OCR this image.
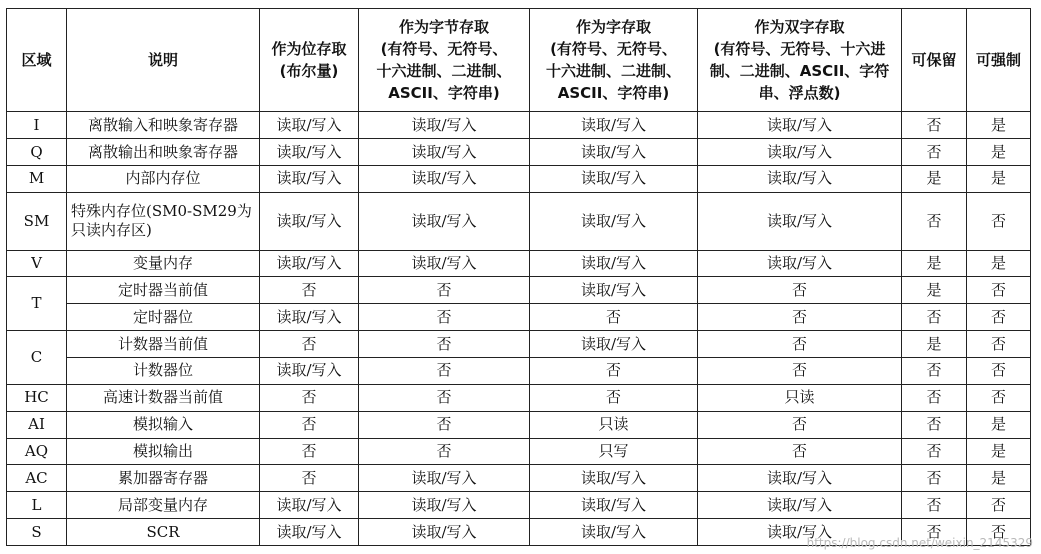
区域	说明	作为位存取
(布尔量)	作为字节存取
(有符号、无符号、
十六进制、二进制、
ASCII、字符串)	作为字存取
(有符号、无符号、
十六进制、二进制、
ASCII、字符串)	作为双字存取
(有符号、无符号、十六进
制、二进制、ASCII、字符
串、浮点数)	可保留	可强制
I	离散输入和映象寄存器	读取/写入	读取/写入	读取/写入	读取/写入	否	是
Q	离散输出和映象寄存器	读取/写入	读取/写入	读取/写入	读取/写入	否	是
M	内部内存位	读取/写入	读取/写入	读取/写入	读取/写入	是	是
SM	特殊内存位(SM0-SM29为只读内存区)	读取/写入	读取/写入	读取/写入	读取/写入	否	否
V	变量内存	读取/写入	读取/写入	读取/写入	读取/写入	是	是
T	定时器当前值	否	否	读取/写入	否	是	否
	定时器位	读取/写入	否	否	否	否	否
C	计数器当前值	否	否	读取/写入	否	是	否
	计数器位	读取/写入	否	否	否	否	否
HC	高速计数器当前值	否	否	否	只读	否	否
AI	模拟输入	否	否	只读	否	否	是
AQ	模拟输出	否	否	只写	否	否	是
AC	累加器寄存器	否	读取/写入	读取/写入	读取/写入	否	是
L	局部变量内存	读取/写入	读取/写入	读取/写入	读取/写入	否	否
S	SCR	读取/写入	读取/写入	读取/写入	读取/写入	否	否
https://blog.csdn.net/weixin_2145329
